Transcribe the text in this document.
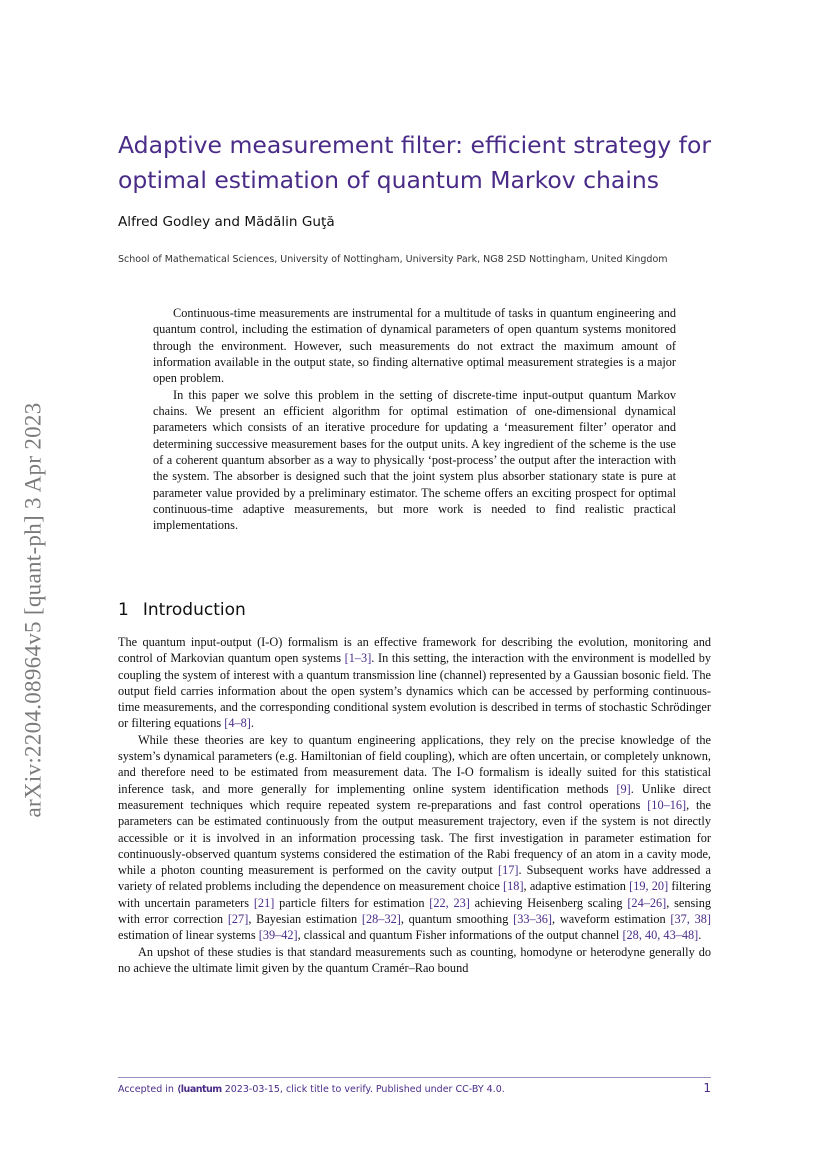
arXiv:2204.08964v5 [quant-ph] 3 Apr 2023
Adaptive measurement filter: efficient strategy for optimal estimation of quantum Markov chains
Alfred Godley and Mădălin Guţă
School of Mathematical Sciences, University of Nottingham, University Park, NG8 2SD Nottingham, United Kingdom

Continuous-time measurements are instrumental for a multitude of tasks in quantum engineering and quantum control, including the estimation of dynamical parameters of open quantum systems monitored through the environment. However, such measurements do not extract the maximum amount of information available in the output state, so finding alternative optimal measurement strategies is a major open problem.

In this paper we solve this problem in the setting of discrete-time input-output quantum Markov chains. We present an efficient algorithm for optimal estimation of one-dimensional dynamical parameters which consists of an iterative procedure for updating a ‘measurement filter’ operator and determining successive measurement bases for the output units. A key ingredient of the scheme is the use of a coherent quantum absorber as a way to physically ‘post-process’ the output after the interaction with the system. The absorber is designed such that the joint system plus absorber stationary state is pure at parameter value provided by a preliminary estimator. The scheme offers an exciting prospect for optimal continuous-time adaptive measurements, but more work is needed to find realistic practical implementations.

1 Introduction

The quantum input-output (I-O) formalism is an effective framework for describing the evolution, monitoring and control of Markovian quantum open systems [1–3]. In this setting, the interaction with the environment is modelled by coupling the system of interest with a quantum transmission line (channel) represented by a Gaussian bosonic field. The output field carries information about the open system’s dynamics which can be accessed by performing continuous-time measurements, and the corresponding conditional system evolution is described in terms of stochastic Schrödinger or filtering equations [4–8].

While these theories are key to quantum engineering applications, they rely on the precise knowledge of the system’s dynamical parameters (e.g. Hamiltonian of field coupling), which are often uncertain, or completely unknown, and therefore need to be estimated from measurement data. The I-O formalism is ideally suited for this statistical inference task, and more generally for implementing online system identification methods [9]. Unlike direct measurement techniques which require repeated system re-preparations and fast control operations [10–16], the parameters can be estimated continuously from the output measurement trajectory, even if the system is not directly accessible or it is involved in an information processing task. The first investigation in parameter estimation for continuously-observed quantum systems considered the estimation of the Rabi frequency of an atom in a cavity mode, while a photon counting measurement is performed on the cavity output [17]. Subsequent works have addressed a variety of related problems including the dependence on measurement choice [18], adaptive estimation [19, 20] filtering with uncertain parameters [21] particle filters for estimation [22, 23] achieving Heisenberg scaling [24–26], sensing with error correction [27], Bayesian estimation [28–32], quantum smoothing [33–36], waveform estimation [37, 38] estimation of linear systems [39–42], classical and quantum Fisher informations of the output channel [28, 40, 43–48].

An upshot of these studies is that standard measurements such as counting, homodyne or heterodyne generally do no achieve the ultimate limit given by the quantum Cramér–Rao bound

Accepted in ⟨luantum 2023-03-15, click title to verify. Published under CC-BY 4.0.	1
